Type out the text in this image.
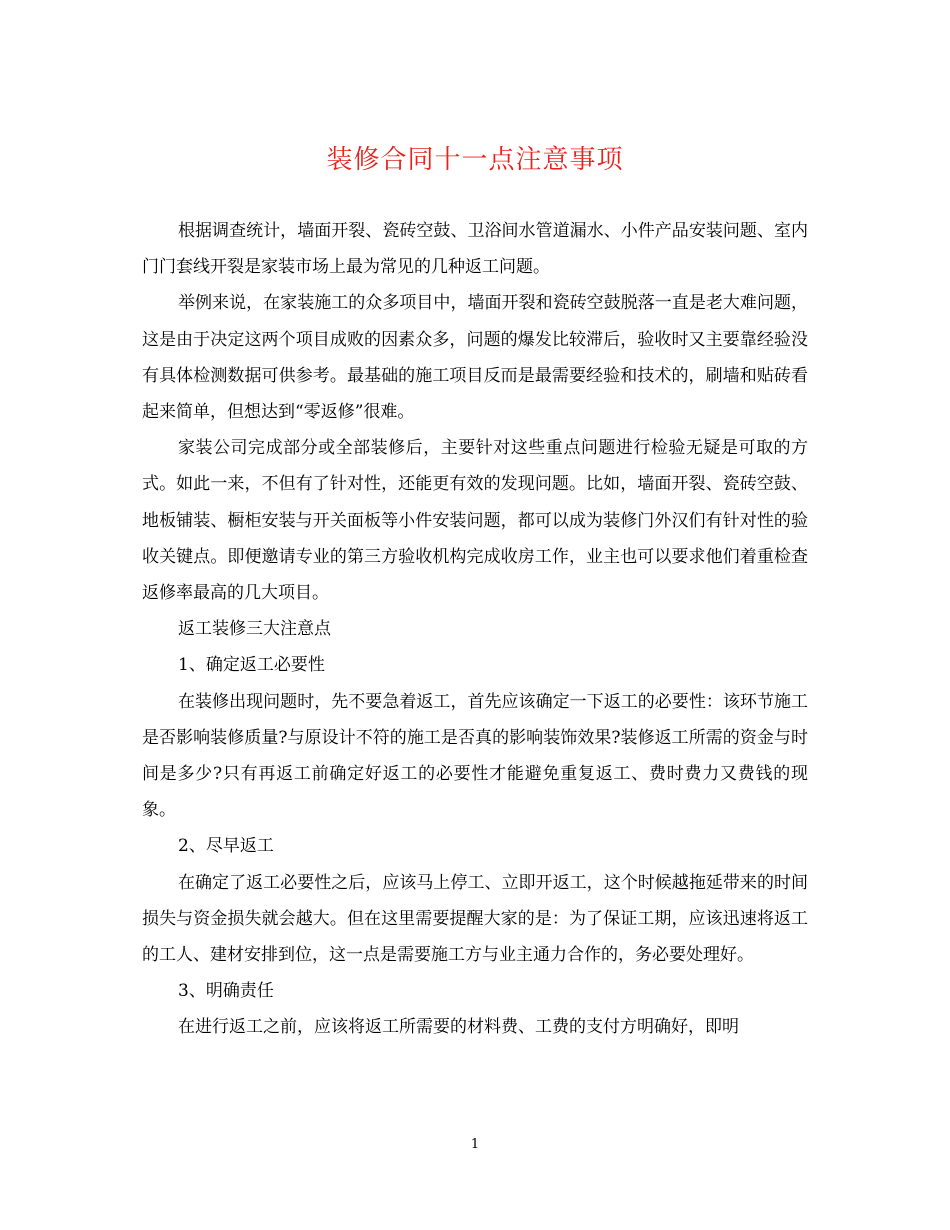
装修合同十一点注意事项

根据调查统计，墙面开裂、瓷砖空鼓、卫浴间水管道漏水、小件产品安装问题、室内门门套线开裂是家装市场上最为常见的几种返工问题。

举例来说，在家装施工的众多项目中，墙面开裂和瓷砖空鼓脱落一直是老大难问题，这是由于决定这两个项目成败的因素众多，问题的爆发比较滞后，验收时又主要靠经验没有具体检测数据可供参考。最基础的施工项目反而是最需要经验和技术的，刷墙和贴砖看起来简单，但想达到“零返修”很难。

家装公司完成部分或全部装修后，主要针对这些重点问题进行检验无疑是可取的方式。如此一来，不但有了针对性，还能更有效的发现问题。比如，墙面开裂、瓷砖空鼓、地板铺装、橱柜安装与开关面板等小件安装问题，都可以成为装修门外汉们有针对性的验收关键点。即便邀请专业的第三方验收机构完成收房工作，业主也可以要求他们着重检查返修率最高的几大项目。

返工装修三大注意点

1、确定返工必要性

在装修出现问题时，先不要急着返工，首先应该确定一下返工的必要性：该环节施工是否影响装修质量?与原设计不符的施工是否真的影响装饰效果?装修返工所需的资金与时间是多少?只有再返工前确定好返工的必要性才能避免重复返工、费时费力又费钱的现象。

2、尽早返工

在确定了返工必要性之后，应该马上停工、立即开返工，这个时候越拖延带来的时间损失与资金损失就会越大。但在这里需要提醒大家的是：为了保证工期，应该迅速将返工的工人、建材安排到位，这一点是需要施工方与业主通力合作的，务必要处理好。

3、明确责任

在进行返工之前，应该将返工所需要的材料费、工费的支付方明确好，即明

1
